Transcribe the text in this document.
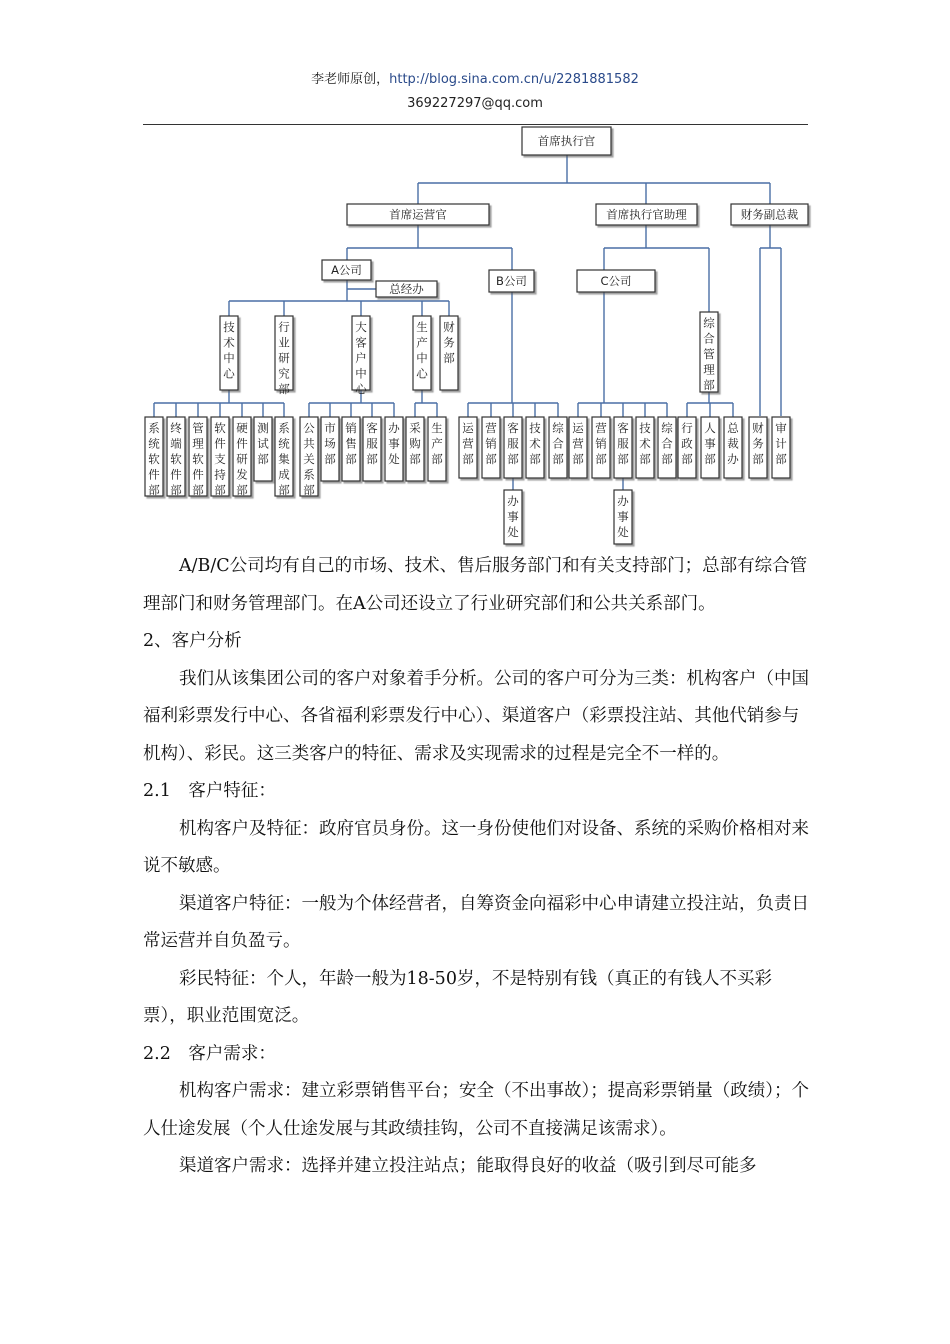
李老师原创，http://blog.sina.com.cn/u/2281881582
369227297@qq.com
首席执行官
首席运营官	首席执行官助理	财务副总裁
A公司
总经办
B公司	C公司
技
术
中
心
行
业
研
究
部
大
客
户
中
心
生
产
中
心
财
务
部
综
合
管
理
部
系
统
软
件
部
终
端
软
件
部
管
理
软
件
部
软
件
支
持
部
硬
件
研
发
部
测
试
部
系
统
集
成
部
公
共
关
系
部
市
场
部
销
售
部
客
服
部
办
事
处
采
购
部
生
产
部
运
营
部
营
销
部
客
服
部
技
术
部
综
合
部
运
营
部
营
销
部
客
服
部
技
术
部
综
合
部
行
政
部
人
事
部
总
裁
办
财
务
部
审
计
部
办
事
处
办
事
处

A/B/C公司均有自己的市场、技术、售后服务部门和有关支持部门；总部有综合管理部门和财务管理部门。在A公司还设立了行业研究部们和公共关系部门。

2、客户分析

我们从该集团公司的客户对象着手分析。公司的客户可分为三类：机构客户（中国福利彩票发行中心、各省福利彩票发行中心）、渠道客户（彩票投注站、其他代销参与机构）、彩民。这三类客户的特征、需求及实现需求的过程是完全不一样的。

2.1　客户特征：

机构客户及特征：政府官员身份。这一身份使他们对设备、系统的采购价格相对来说不敏感。

渠道客户特征：一般为个体经营者，自筹资金向福彩中心申请建立投注站，负责日常运营并自负盈亏。

彩民特征：个人，年龄一般为18-50岁，不是特别有钱（真正的有钱人不买彩票），职业范围宽泛。

2.2　客户需求：

机构客户需求：建立彩票销售平台；安全（不出事故）；提高彩票销量（政绩）；个人仕途发展（个人仕途发展与其政绩挂钩，公司不直接满足该需求）。

渠道客户需求：选择并建立投注站点；能取得良好的收益（吸引到尽可能多
